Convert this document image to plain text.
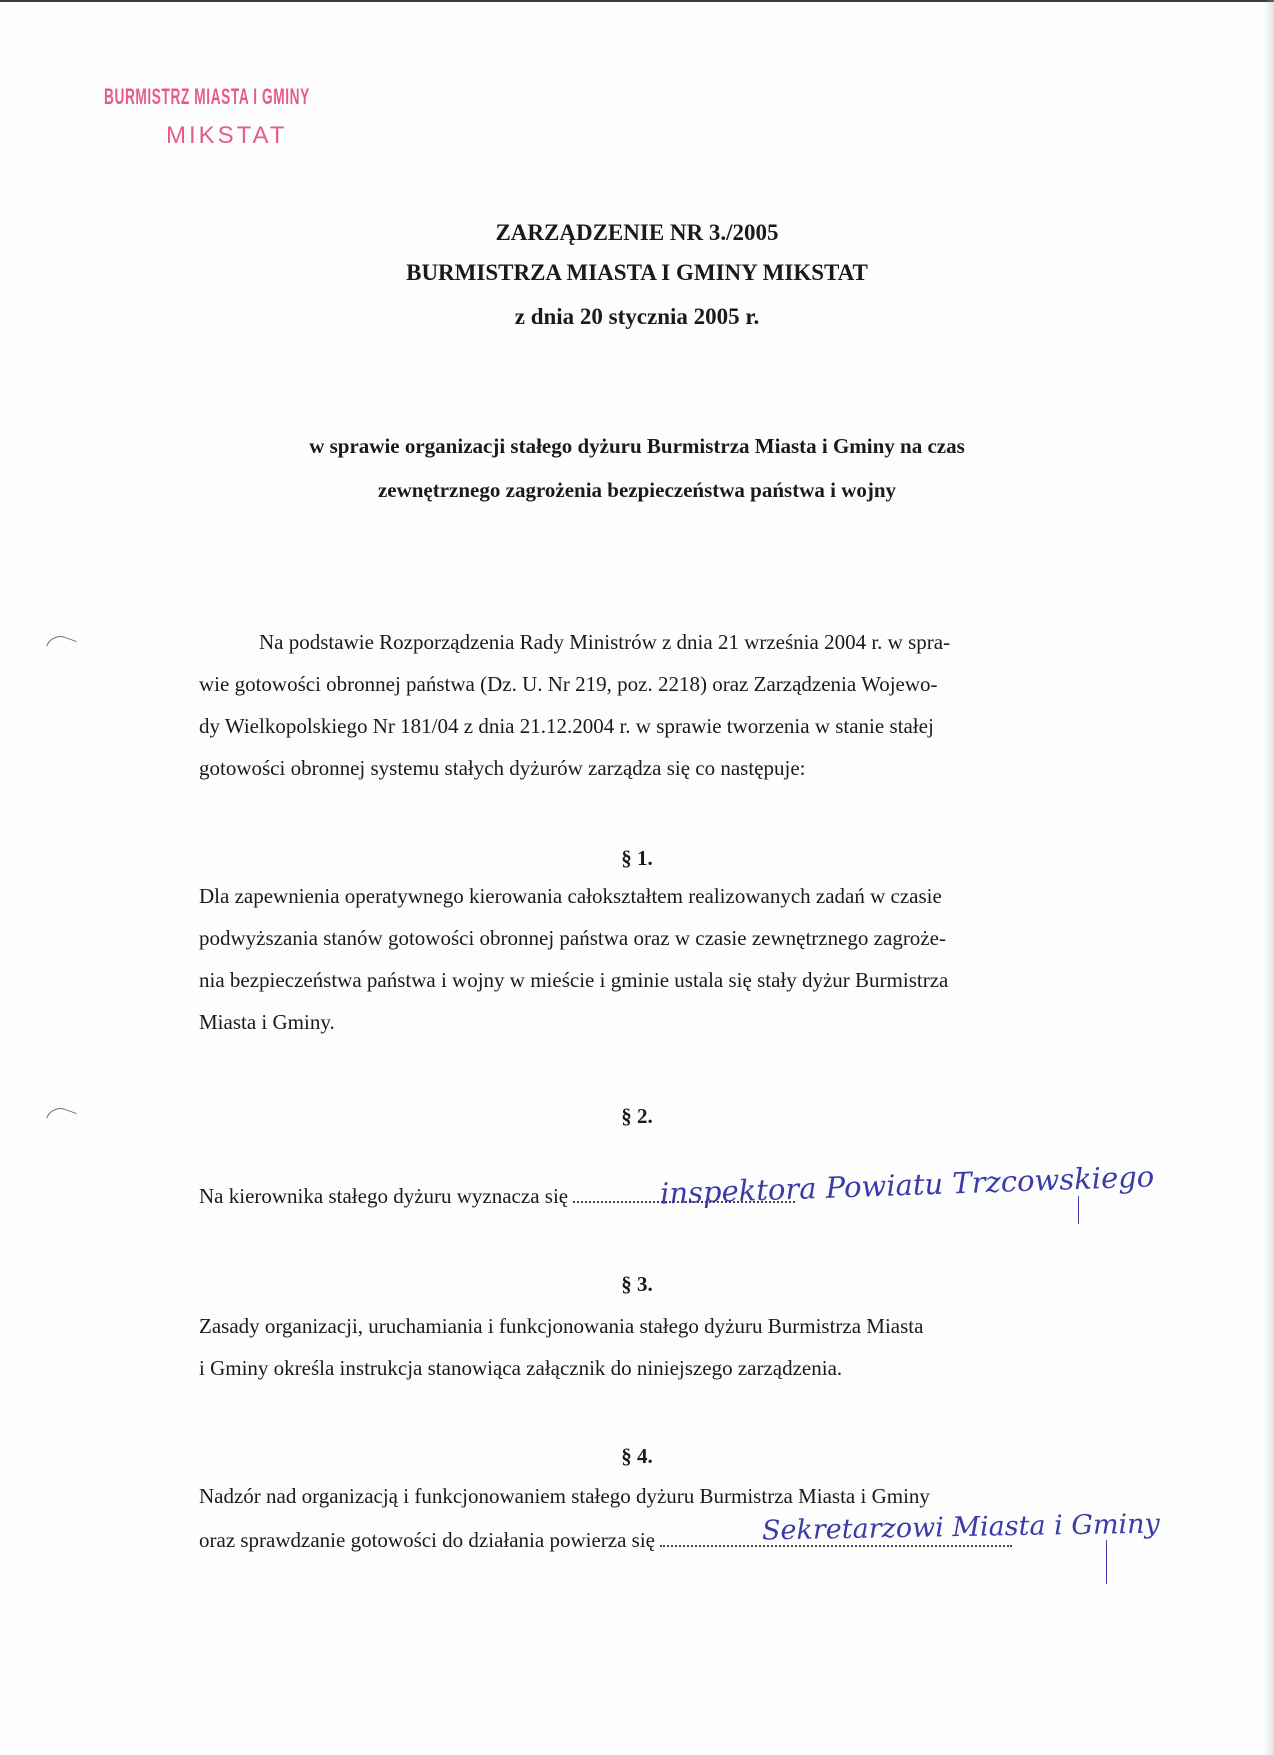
BURMISTRZ MIASTA I GMINY
MIKSTAT
ZARZĄDZENIE NR 3./2005
BURMISTRZA MIASTA I GMINY MIKSTAT
z dnia 20 stycznia 2005 r.
w sprawie organizacji stałego dyżuru Burmistrza Miasta i Gminy na czas
zewnętrznego zagrożenia bezpieczeństwa państwa i wojny
Na podstawie Rozporządzenia Rady Ministrów z dnia 21 września 2004 r. w spra-
wie gotowości obronnej państwa (Dz. U. Nr 219, poz. 2218) oraz Zarządzenia Wojewo-
dy Wielkopolskiego Nr 181/04 z dnia 21.12.2004 r. w sprawie tworzenia w stanie stałej
gotowości obronnej systemu stałych dyżurów zarządza się co następuje:
§ 1.
Dla zapewnienia operatywnego kierowania całokształtem realizowanych zadań w czasie
podwyższania stanów gotowości obronnej państwa oraz w czasie zewnętrznego zagroże-
nia bezpieczeństwa państwa i wojny w mieście i gminie ustala się stały dyżur Burmistrza
Miasta i Gminy.
§ 2.
Na kierownika stałego dyżuru wyznacza się	inspektora Powiatu Trzcowskiego
§ 3.
Zasady organizacji, uruchamiania i funkcjonowania stałego dyżuru Burmistrza Miasta
i Gminy określa instrukcja stanowiąca załącznik do niniejszego zarządzenia.
§ 4.
Nadzór nad organizacją i funkcjonowaniem stałego dyżuru Burmistrza Miasta i Gminy
oraz sprawdzanie gotowości do działania powierza się	Sekretarzowi Miasta i Gminy
